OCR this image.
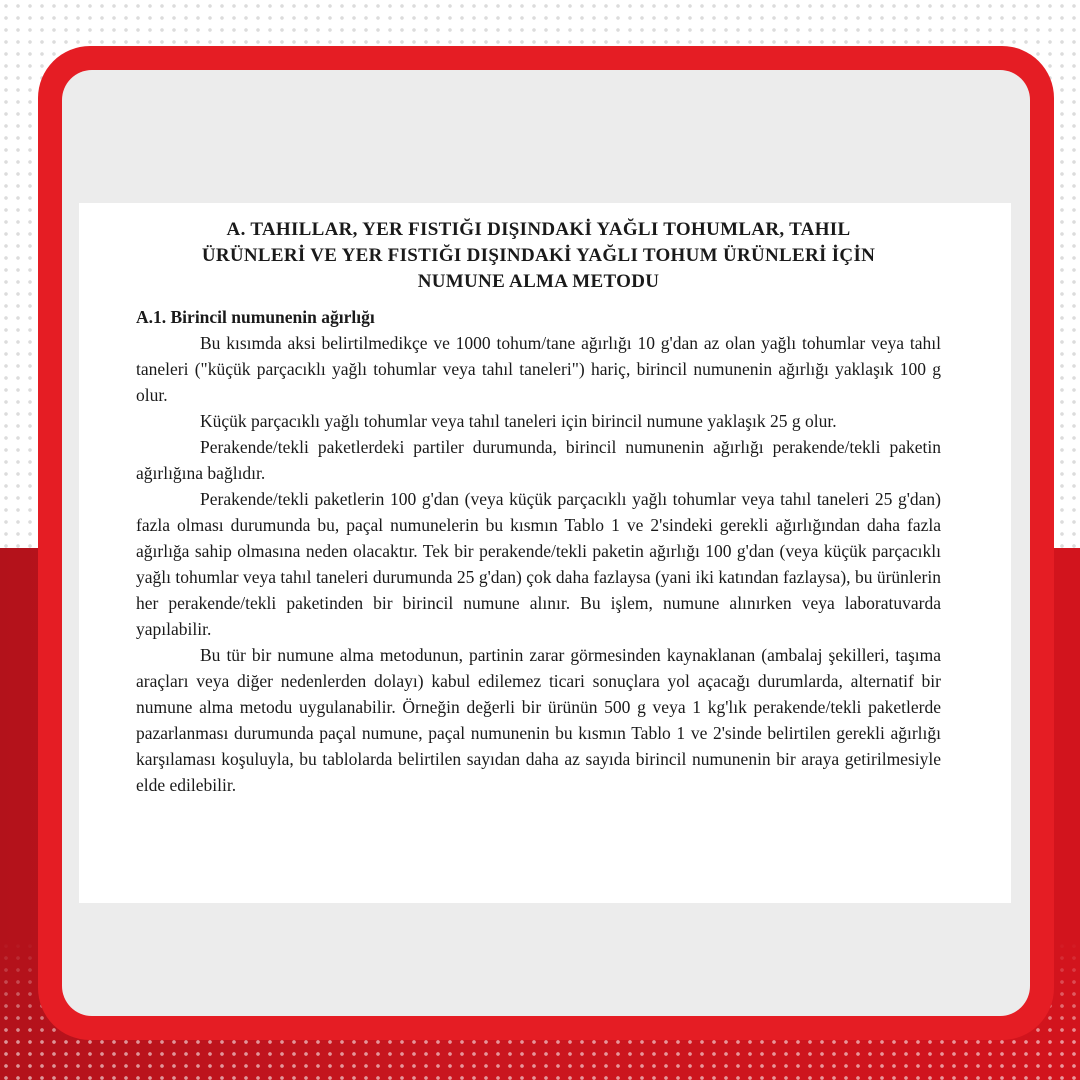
A. TAHILLAR, YER FISTIĞI DIŞINDAKİ YAĞLI TOHUMLAR, TAHIL ÜRÜNLERİ VE YER FISTIĞI DIŞINDAKİ YAĞLI TOHUM ÜRÜNLERİ İÇİN NUMUNE ALMA METODU
A.1. Birincil numunenin ağırlığı

Bu kısımda aksi belirtilmedikçe ve 1000 tohum/tane ağırlığı 10 g'dan az olan yağlı tohumlar veya tahıl taneleri ("küçük parçacıklı yağlı tohumlar veya tahıl taneleri") hariç, birincil numunenin ağırlığı yaklaşık 100 g olur.

Küçük parçacıklı yağlı tohumlar veya tahıl taneleri için birincil numune yaklaşık 25 g olur.

Perakende/tekli paketlerdeki partiler durumunda, birincil numunenin ağırlığı perakende/tekli paketin ağırlığına bağlıdır.

Perakende/tekli paketlerin 100 g'dan (veya küçük parçacıklı yağlı tohumlar veya tahıl taneleri 25 g'dan) fazla olması durumunda bu, paçal numunelerin bu kısmın Tablo 1 ve 2'sindeki gerekli ağırlığından daha fazla ağırlığa sahip olmasına neden olacaktır. Tek bir perakende/tekli paketin ağırlığı 100 g'dan (veya küçük parçacıklı yağlı tohumlar veya tahıl taneleri durumunda 25 g'dan) çok daha fazlaysa (yani iki katından fazlaysa), bu ürünlerin her perakende/tekli paketinden bir birincil numune alınır. Bu işlem, numune alınırken veya laboratuvarda yapılabilir.

Bu tür bir numune alma metodunun, partinin zarar görmesinden kaynaklanan (ambalaj şekilleri, taşıma araçları veya diğer nedenlerden dolayı) kabul edilemez ticari sonuçlara yol açacağı durumlarda, alternatif bir numune alma metodu uygulanabilir. Örneğin değerli bir ürünün 500 g veya 1 kg'lık perakende/tekli paketlerde pazarlanması durumunda paçal numune, paçal numunenin bu kısmın Tablo 1 ve 2'sinde belirtilen gerekli ağırlığı karşılaması koşuluyla, bu tablolarda belirtilen sayıdan daha az sayıda birincil numunenin bir araya getirilmesiyle elde edilebilir.
